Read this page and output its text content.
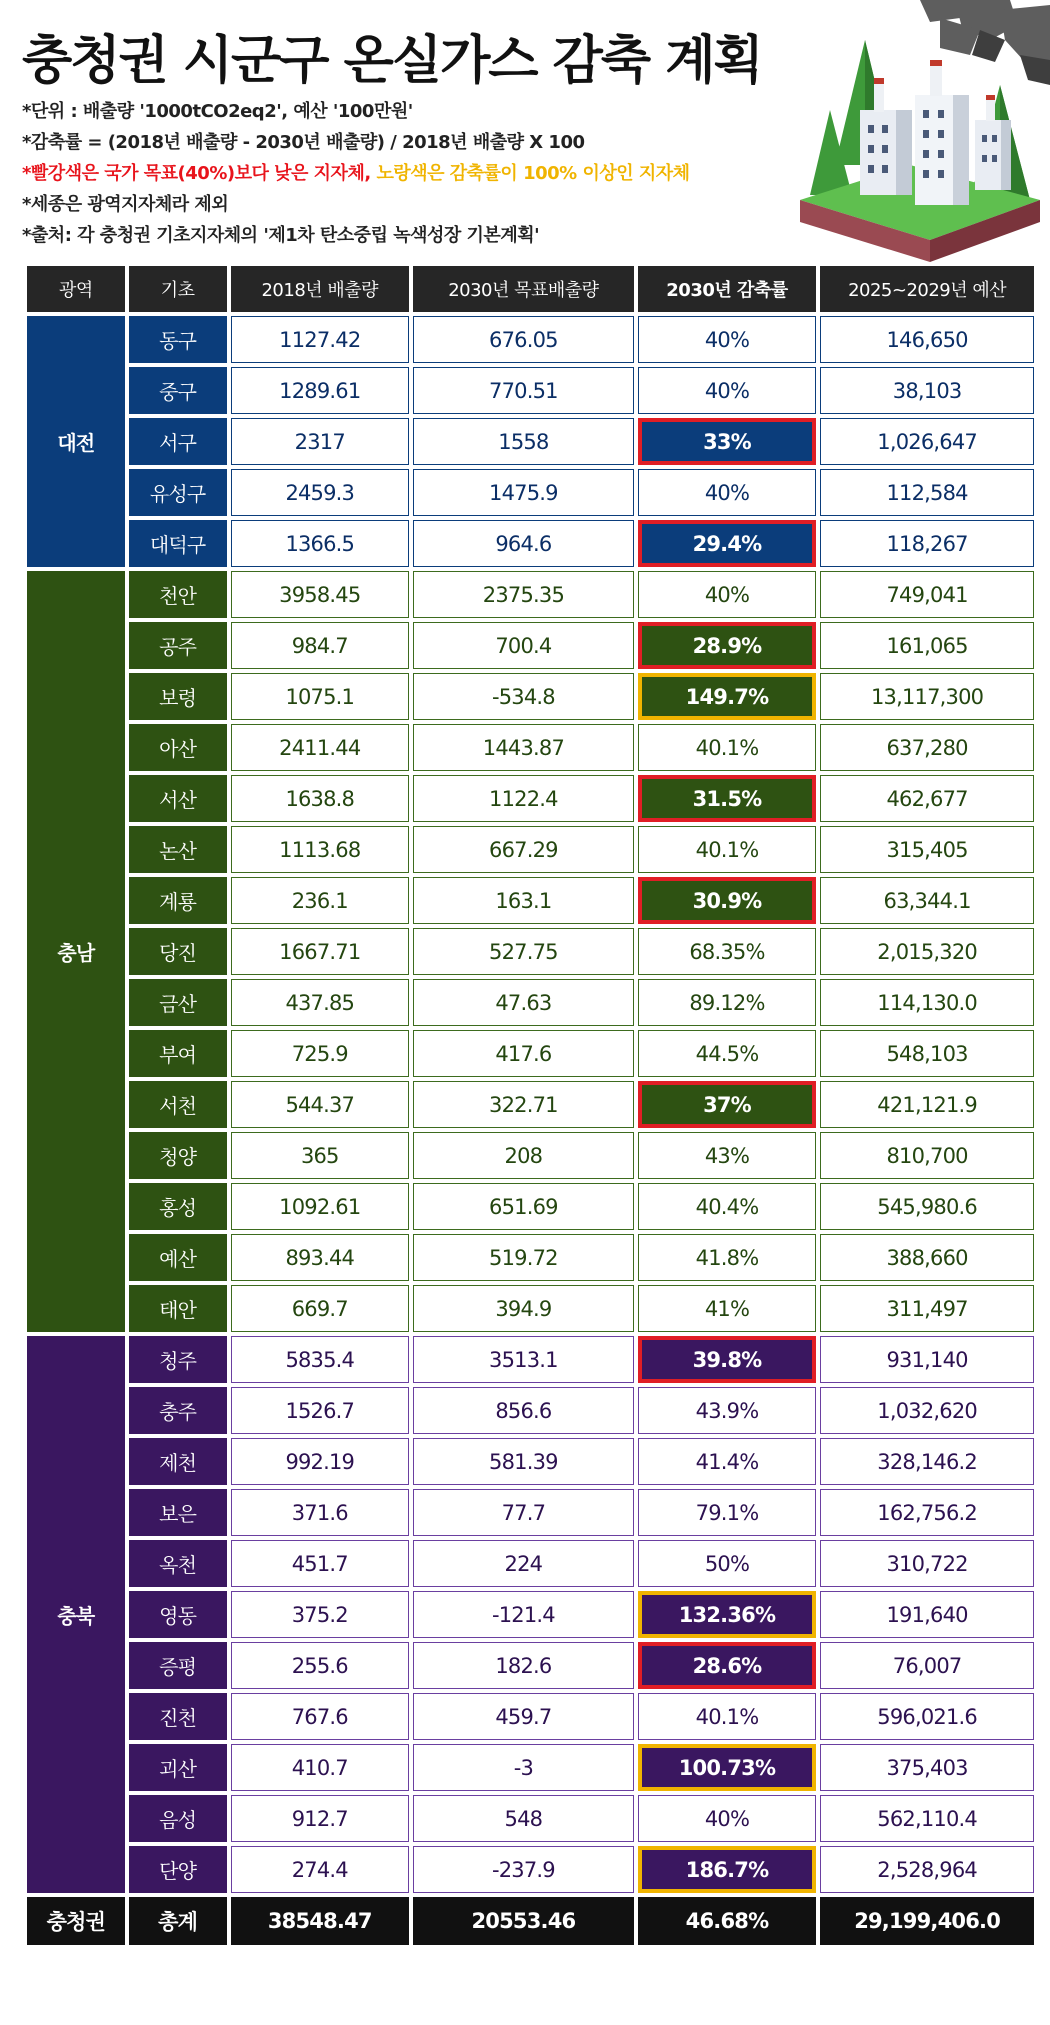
충청권 시군구 온실가스 감축 계획
*단위 : 배출량 '1000tCO2eq2', 예산 '100만원'
*감축률 = (2018년 배출량 - 2030년 배출량) / 2018년 배출량 X 100
*빨강색은 국가 목표(40%)보다 낮은 지자체, 노랑색은 감축률이 100% 이상인 지자체
*세종은 광역지자체라 제외
*출처: 각 충청권 기초지자체의 '제1차 탄소중립 녹색성장 기본계획'
광역	기초	2018년 배출량	2030년 목표배출량	2030년 감축률	2025~2029년 예산
대전	동구	1127.42	676.05	40%	146,650
	중구	1289.61	770.51	40%	38,103
	서구	2317	1558	33%	1,026,647
	유성구	2459.3	1475.9	40%	112,584
	대덕구	1366.5	964.6	29.4%	118,267
충남	천안	3958.45	2375.35	40%	749,041
	공주	984.7	700.4	28.9%	161,065
	보령	1075.1	-534.8	149.7%	13,117,300
	아산	2411.44	1443.87	40.1%	637,280
	서산	1638.8	1122.4	31.5%	462,677
	논산	1113.68	667.29	40.1%	315,405
	계룡	236.1	163.1	30.9%	63,344.1
	당진	1667.71	527.75	68.35%	2,015,320
	금산	437.85	47.63	89.12%	114,130.0
	부여	725.9	417.6	44.5%	548,103
	서천	544.37	322.71	37%	421,121.9
	청양	365	208	43%	810,700
	홍성	1092.61	651.69	40.4%	545,980.6
	예산	893.44	519.72	41.8%	388,660
	태안	669.7	394.9	41%	311,497
충북	청주	5835.4	3513.1	39.8%	931,140
	충주	1526.7	856.6	43.9%	1,032,620
	제천	992.19	581.39	41.4%	328,146.2
	보은	371.6	77.7	79.1%	162,756.2
	옥천	451.7	224	50%	310,722
	영동	375.2	-121.4	132.36%	191,640
	증평	255.6	182.6	28.6%	76,007
	진천	767.6	459.7	40.1%	596,021.6
	괴산	410.7	-3	100.73%	375,403
	음성	912.7	548	40%	562,110.4
	단양	274.4	-237.9	186.7%	2,528,964
충청권	총계	38548.47	20553.46	46.68%	29,199,406.0
